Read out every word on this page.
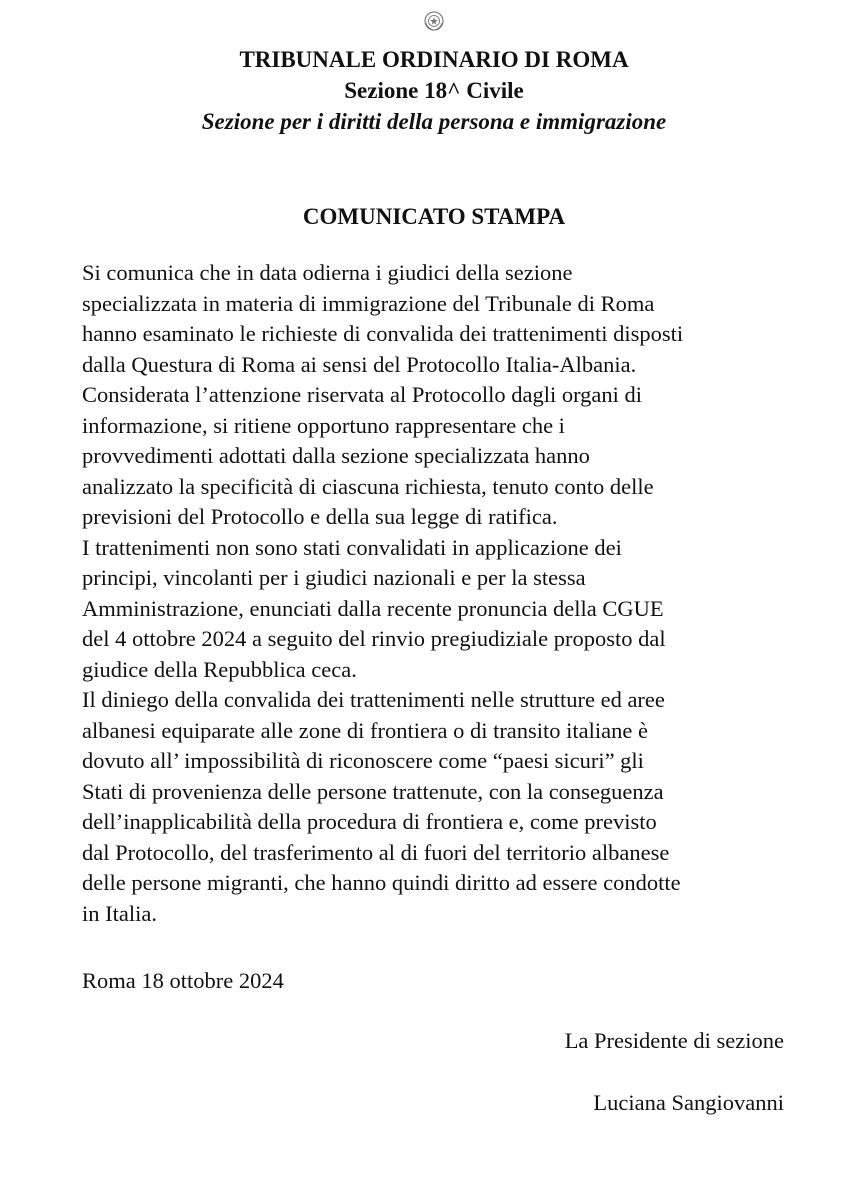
TRIBUNALE ORDINARIO DI ROMA
Sezione 18^ Civile
Sezione per i diritti della persona e immigrazione
COMUNICATO STAMPA

Si comunica che in data odierna i giudici della sezione
specializzata in materia di immigrazione del Tribunale di Roma
hanno esaminato le richieste di convalida dei trattenimenti disposti
dalla Questura di Roma ai sensi del Protocollo Italia-Albania.
Considerata l’attenzione riservata al Protocollo dagli organi di
informazione, si ritiene opportuno rappresentare che i
provvedimenti adottati dalla sezione specializzata hanno
analizzato la specificità di ciascuna richiesta, tenuto conto delle
previsioni del Protocollo e della sua legge di ratifica.

I trattenimenti non sono stati convalidati in applicazione dei
principi, vincolanti per i giudici nazionali e per la stessa
Amministrazione, enunciati dalla recente pronuncia della CGUE
del 4 ottobre 2024 a seguito del rinvio pregiudiziale proposto dal
giudice della Repubblica ceca.

Il diniego della convalida dei trattenimenti nelle strutture ed aree
albanesi equiparate alle zone di frontiera o di transito italiane è
dovuto all’ impossibilità di riconoscere come “paesi sicuri” gli
Stati di provenienza delle persone trattenute, con la conseguenza
dell’inapplicabilità della procedura di frontiera e, come previsto
dal Protocollo, del trasferimento al di fuori del territorio albanese
delle persone migranti, che hanno quindi diritto ad essere condotte
in Italia.

Roma 18 ottobre 2024
La Presidente di sezione
Luciana Sangiovanni
